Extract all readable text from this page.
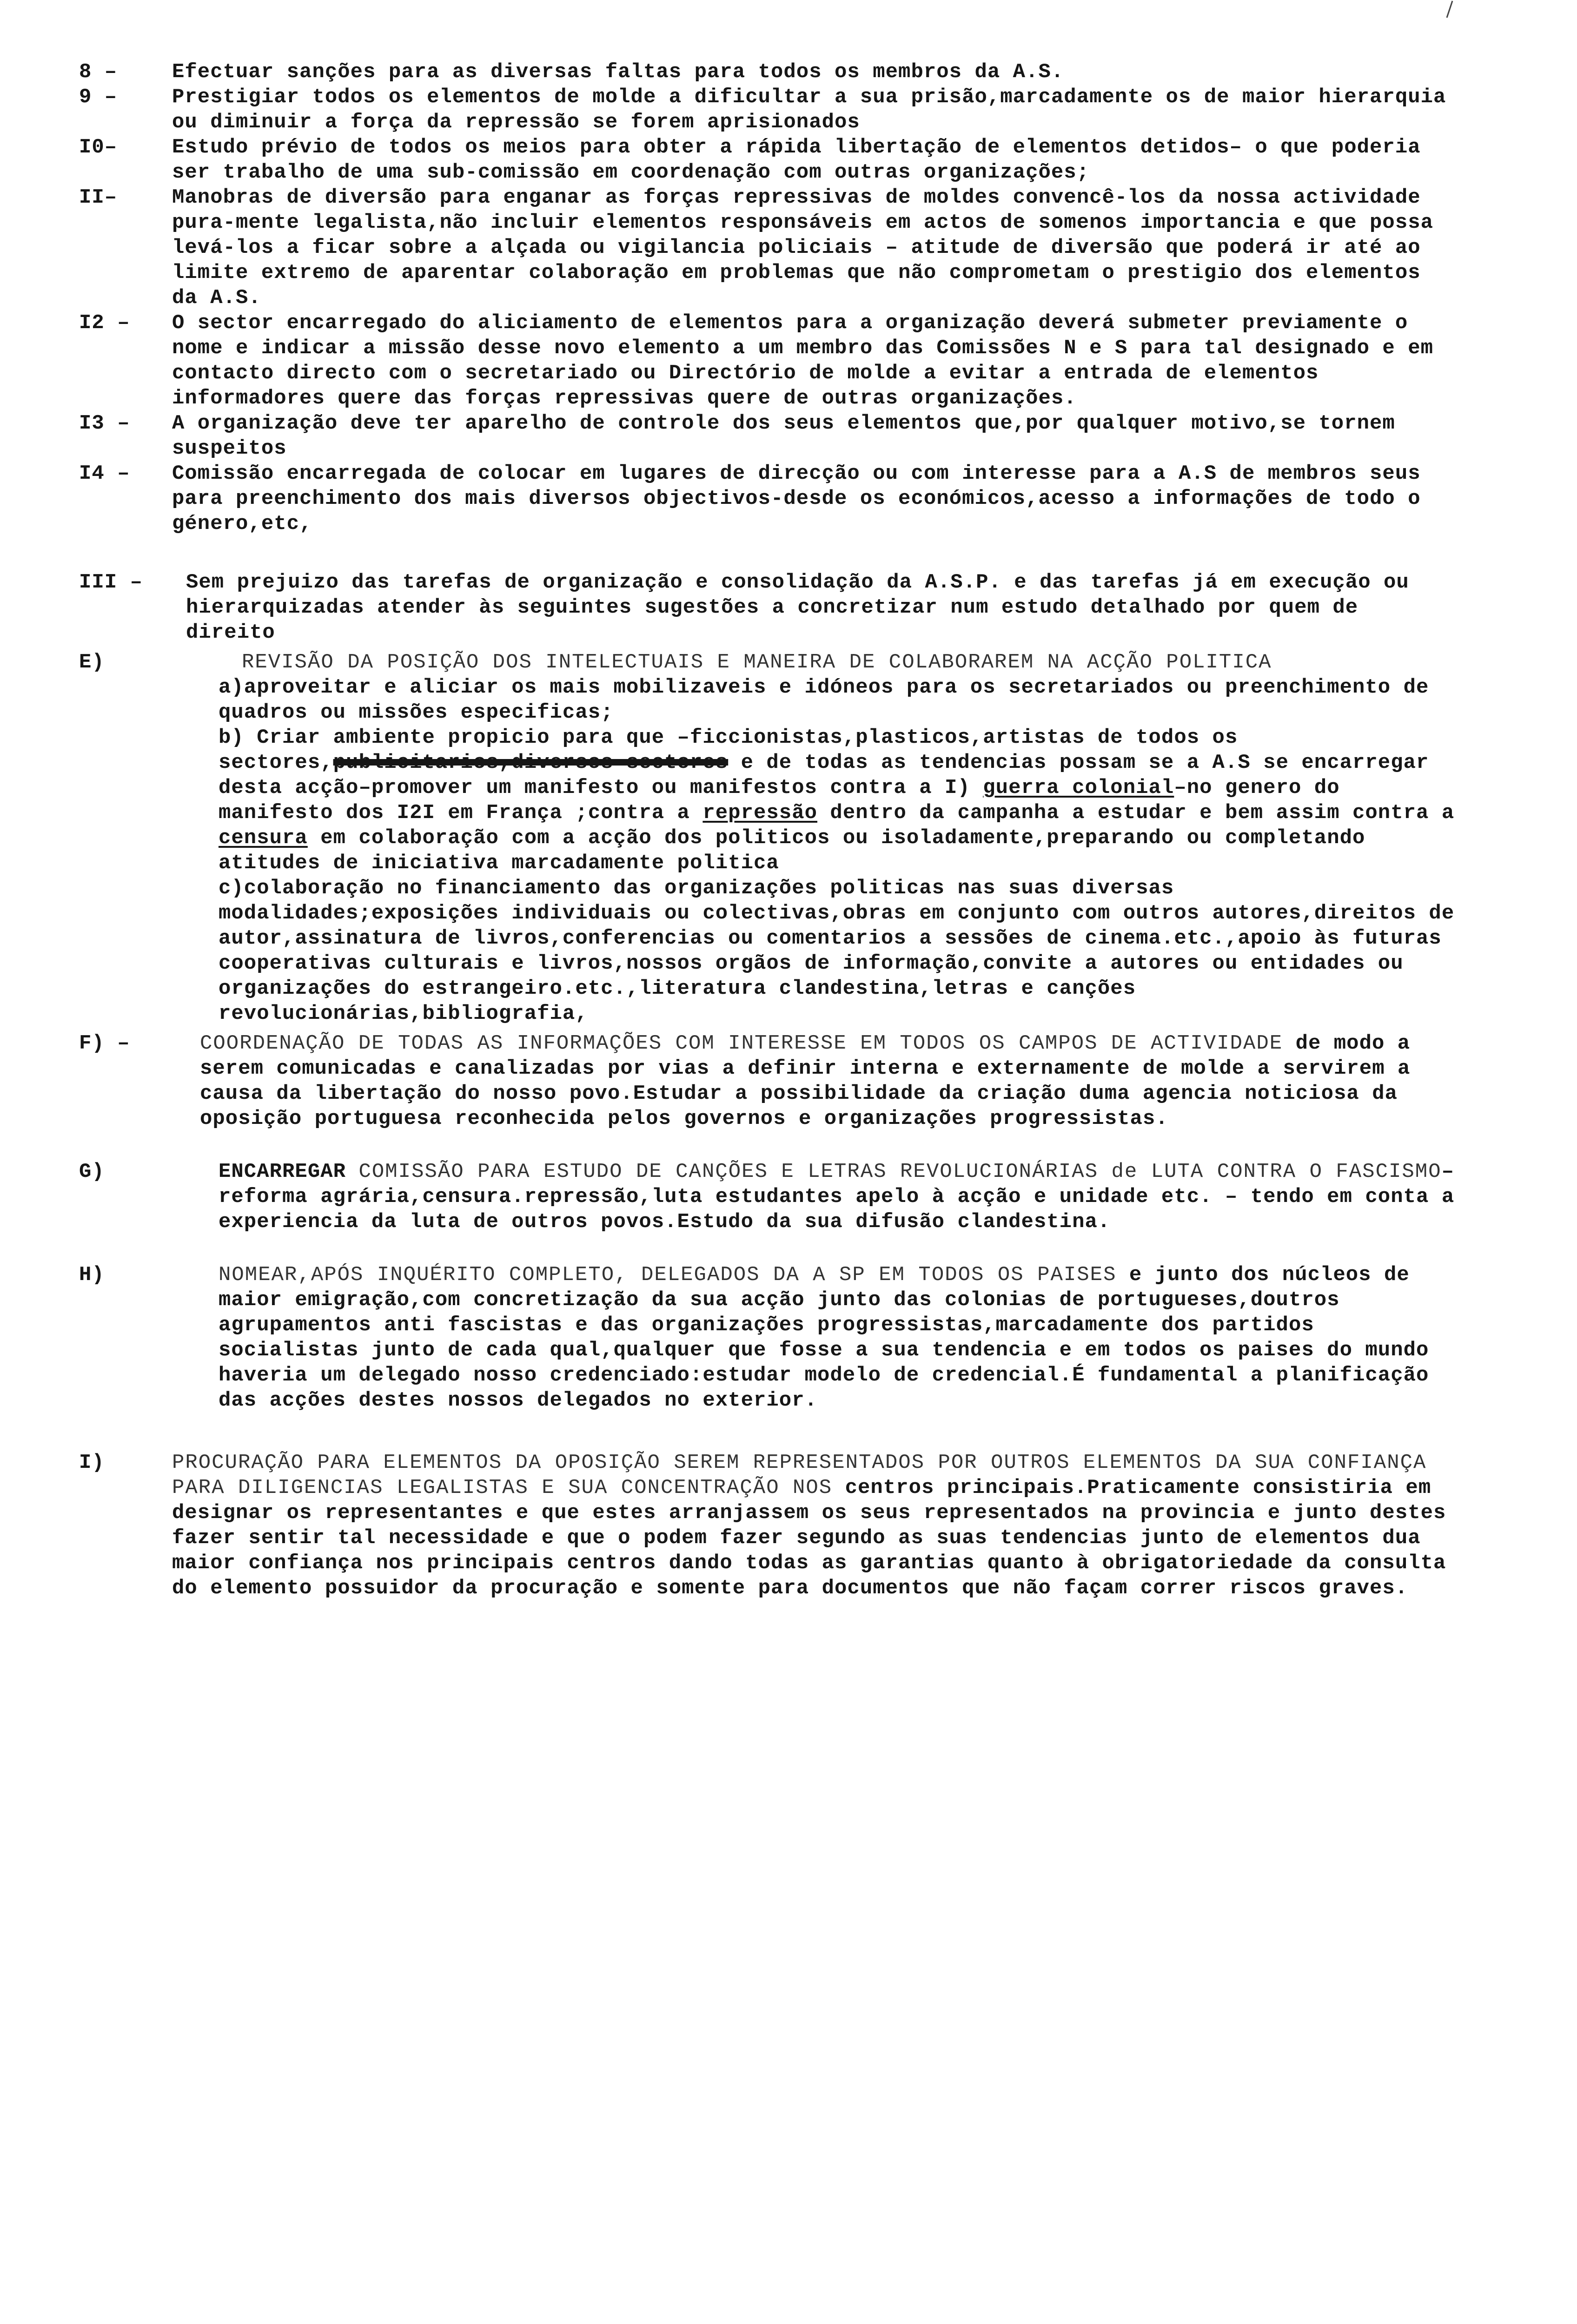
8 –	Efectuar sanções para as diversas faltas para todos os membros da A.S.
9 –	Prestigiar todos os elementos de molde a dificultar a sua prisão,marcadamente os de maior hierarquia ou diminuir a força da repressão se forem aprisionados
I0–	Estudo prévio de todos os meios para obter a rápida libertação de elementos detidos– o que poderia ser trabalho de uma sub-comissão em coordenação com outras organizações;
II–	Manobras de diversão para enganar as forças repressivas de moldes convencê-los da nossa actividade pura-mente legalista,não incluir elementos responsáveis em actos de somenos importancia e que possa levá-los a ficar sobre a alçada ou vigilancia policiais – atitude de diversão que poderá ir até ao limite extremo de aparentar colaboração em problemas que não comprometam o prestigio dos elementos da A.S.
I2 – O sector encarregado do aliciamento de elementos para a organização deverá submeter previamente o nome e indicar a missão desse novo elemento a um membro das Comissões N e S para tal designado e em contacto directo com o secretariado ou Directório de molde a evitar a entrada de elementos informadores quere das forças repressivas quere de outras organizações.
I3 – A organização deve ter aparelho de controle dos seus elementos que,por qualquer motivo,se tornem suspeitos
I4 – Comissão encarregada de colocar em lugares de direcção ou com interesse para a A.S de membros seus para preenchimento dos mais diversos objectivos-desde os económicos,acesso a informações de todo o género,etc,
III – Sem prejuizo das tarefas de organização e consolidação da A.S.P. e das tarefas já em execução ou hierarquizadas atender às seguintes sugestões a concretizar num estudo detalhado por quem de direito
E)	REVISÃO DA POSIÇÃO DOS INTELECTUAIS E MANEIRA DE COLABORAREM NA ACÇÃO POLITICA
a)aproveitar e aliciar os mais mobilizaveis e idóneos para os secretariados ou preenchimento de quadros ou missões especificas;
b) Criar ambiente propicio para que –ficcionistas,plasticos,artistas de todos os sectores,publicitarios,diversos sectores e de todas as tendencias possam se a A.S se encarregar desta acção–promover um manifesto ou manifestos contra a I) guerra colonial–no genero do manifesto dos I2I em França ;contra a repressão dentro da campanha a estudar e bem assim contra a censura em colaboração com a acção dos politicos ou isoladamente,preparando ou completando atitudes de iniciativa marcadamente politica
c)colaboração no financiamento das organizações politicas nas suas diversas modalidades;exposições individuais ou colectivas,obras em conjunto com outros autores,direitos de autor,assinatura de livros,conferencias ou comentarios a sessões de cinema.etc.,apoio às futuras cooperativas culturais e livros,nossos orgãos de informação,convite a autores ou entidades ou organizações do estrangeiro.etc.,literatura clandestina,letras e canções revolucionárias,bibliografia,
F) –	COORDENAÇÃO DE TODAS AS INFORMAÇÕES COM INTERESSE EM TODOS OS CAMPOS DE ACTIVIDADE de modo a serem comunicadas e canalizadas por vias a definir interna e externamente de molde a servirem a causa da libertação do nosso povo.Estudar a possibilidade da criação duma agencia noticiosa da oposição portuguesa reconhecida pelos governos e organizações progressistas.
G)	ENCARREGAR COMISSÃO PARA ESTUDO DE CANÇÕES E LETRAS REVOLUCIONÁRIAS de LUTA CONTRA O FASCISMO–reforma agrária,censura.repressão,luta estudantes apelo à acção e unidade etc. – tendo em conta a experiencia da luta de outros povos.Estudo da sua difusão clandestina.
H)	NOMEAR,APÓS INQUÉRITO COMPLETO, DELEGADOS DA A SP EM TODOS OS PAISES e junto dos núcleos de maior emigração,com concretização da sua acção junto das colonias de portugueses,doutros agrupamentos anti fascistas e das organizações progressistas,marcadamente dos partidos socialistas junto de cada qual,qualquer que fosse a sua tendencia e em todos os paises do mundo haveria um delegado nosso credenciado:estudar modelo de credencial.É fundamental a planificação das acções destes nossos delegados no exterior.
I)	PROCURAÇÃO PARA ELEMENTOS DA OPOSIÇÃO SEREM REPRESENTADOS POR OUTROS ELEMENTOS DA SUA CONFIANÇA PARA DILIGENCIAS LEGALISTAS E SUA CONCENTRAÇÃO NOS centros principais.Praticamente consistiria em designar os representantes e que estes arranjassem os seus representados na provincia e junto destes fazer sentir tal necessidade e que o podem fazer segundo as suas tendencias junto de elementos dua maior confiança nos principais centros dando todas as garantias quanto à obrigatoriedade da consulta do elemento possuidor da procuração e somente para documentos que não façam correr riscos graves.
